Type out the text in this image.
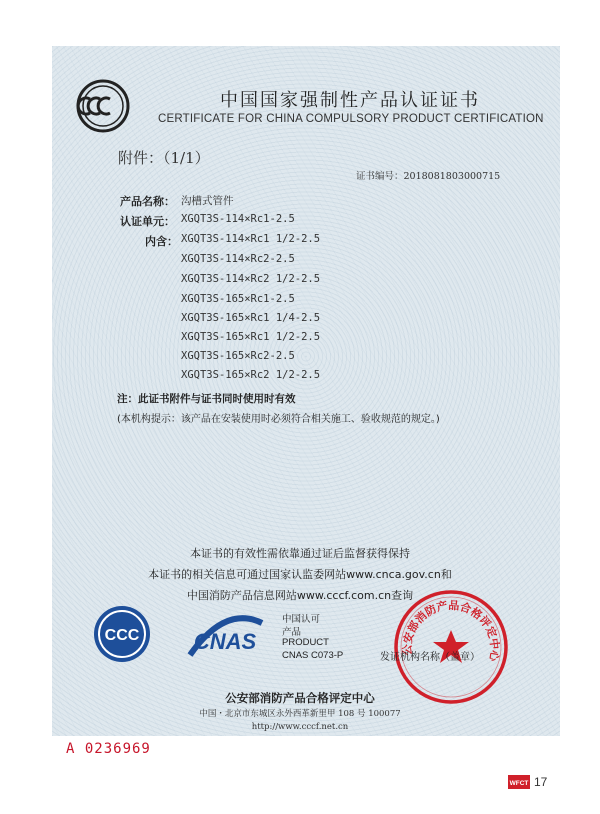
中国国家强制性产品认证证书
CERTIFICATE FOR CHINA COMPULSORY PRODUCT CERTIFICATION
附件：（1/1）
证书编号：2018081803000715
产品名称： 沟槽式管件
认证单元： XGQT3S-114×Rc1-2.5
内含： XGQT3S-114×Rc1 1/2-2.5
XGQT3S-114×Rc2-2.5
XGQT3S-114×Rc2 1/2-2.5
XGQT3S-165×Rc1-2.5
XGQT3S-165×Rc1 1/4-2.5
XGQT3S-165×Rc1 1/2-2.5
XGQT3S-165×Rc2-2.5
XGQT3S-165×Rc2 1/2-2.5
注：此证书附件与证书同时使用时有效
(本机构提示：该产品在安装使用时必须符合相关施工、验收规范的规定。)
本证书的有效性需依靠通过证后监督获得保持
本证书的相关信息可通过国家认监委网站www.cnca.gov.cn和
中国消防产品信息网站www.cccf.com.cn查询
CCC CNAS
中国认可
产品
PRODUCT
CNAS C073-P
公安部消防产品合格评定中心
发证机构名称（盖章）
公安部消防产品合格评定中心
中国・北京市东城区永外西革新里甲 108 号 100077
http://www.cccf.net.cn
A 0236969
WFCT 17
